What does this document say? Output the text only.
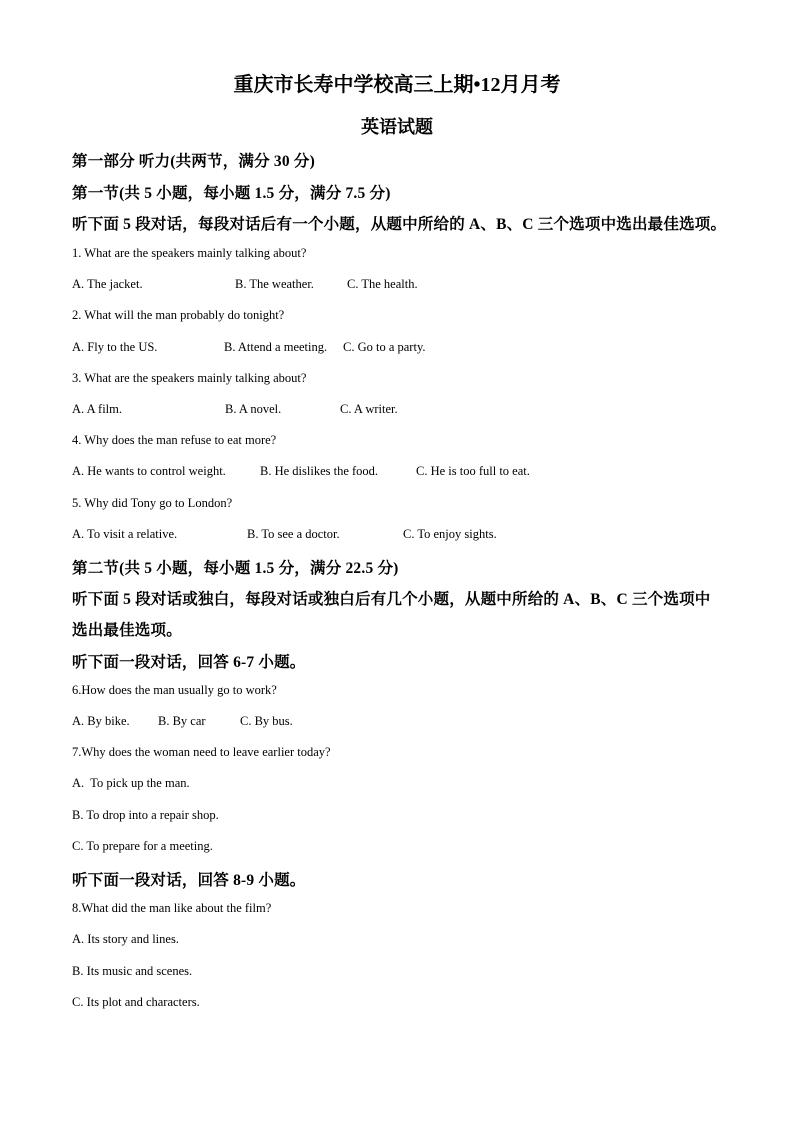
重庆市长寿中学校高三上期•12月月考
英语试题
第一部分 听力(共两节，满分 30 分)
第一节(共 5 小题，每小题 1.5 分，满分 7.5 分)
听下面 5 段对话，每段对话后有一个小题，从题中所给的 A、B、C 三个选项中选出最佳选项。
1. What are the speakers mainly talking about?
A. The jacket.	B. The weather.	C. The health.
2. What will the man probably do tonight?
A. Fly to the US.	B. Attend a meeting. C. Go to a party.
3. What are the speakers mainly talking about?
A. A film.	B. A novel.	C. A writer.
4. Why does the man refuse to eat more?
A. He wants to control weight.	B. He dislikes the food.	C. He is too full to eat.
5. Why did Tony go to London?
A. To visit a relative.	B. To see a doctor.	C. To enjoy sights.
第二节(共 5 小题，每小题 1.5 分，满分 22.5 分)
听下面 5 段对话或独白，每段对话或独白后有几个小题，从题中所给的 A、B、C 三个选项中
选出最佳选项。
听下面一段对话，回答 6-7 小题。
6.How does the man usually go to work?
A. By bike. B. By car	C. By bus.
7.Why does the woman need to leave earlier today?
A.  To pick up the man.
B. To drop into a repair shop.
C. To prepare for a meeting.
听下面一段对话，回答 8-9 小题。
8.What did the man like about the film?
A. Its story and lines.
B. Its music and scenes.
C. Its plot and characters.
